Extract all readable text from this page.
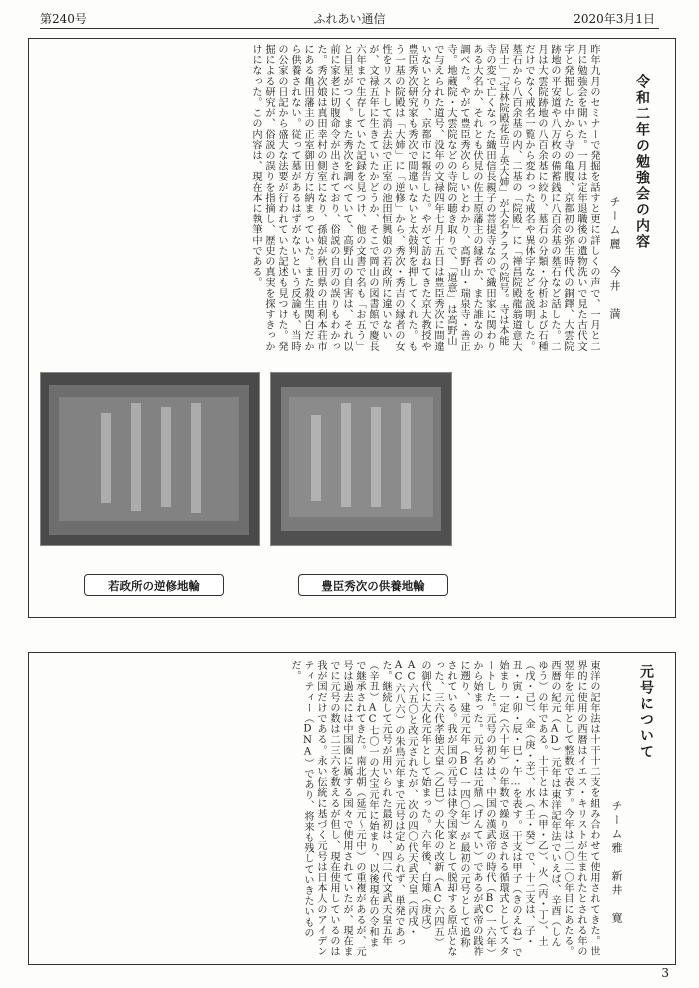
第240号	ふれあい通信	2020年3月1日
令和二年の勉強会の内容
チーム麗　今井　満
昨年九月のセミナーで発掘を話すと更に詳しくの声で、一月と二月に勉強会を開いた。一月は定年退職後の遺物洗いで見た古代文字と発掘した中から寺の亀腹、京都初の弥生時代の銅鐸、大雲院跡地の平安道や八万枚の備蓄銭に八百余基の墓石など話した。二月は大雲院跡地の八百余基に絞り、墓石の分類・分析および石種だけでなく戒名一覧から変わった戒名や異体字などを説明した。墓石から八百余基の内、二基の「院殿」に「禅昌院殿龍翁道意大居士」「宝林院殿花岳了英大姉」が大名クラスの院号。寺は本能寺の変で亡くなった織田信長親子の菩提寺なので織田家に関わりある大名か、それとも伏見の佐土原藩主の縁者か、また誰なのか調べた。やがて豊臣秀次らしいとわかり、高野山・瑞泉寺・善正寺。地蔵院・大雲院などの寺院の聴き取りで、「道意」は高野山で与えられた道号、没年の文禄四年七月十五日は豊臣秀次に間違いないと分り、京都市に報告した。やがて訪ねてきた京大教授や豊臣秀次研究家も秀次で間違いないと太鼓判を押してくれた。もう一基の院殿は「大姉」に「逆修」から、秀次・秀吉の縁者の女性をリストして消去法で正室の池田恒興娘の若政所に違いないが、文禄五年に生きていたかどうか、そこで岡山の図書館で慶長六年まで生存していた記録を見つけ、他の文書で名も「お五う」と目星がつく。また秀次を調べていて、高野山の自害は、それ以前に家老に切腹命令が出されており、俗説の自刃の誤りもわかった。秀次娘は真田幸村の側室になり、孫娘が秋田県の由利本荘市にある亀田藩主の正室御田方に納まっていた。また殺生関白だから供養されない。従って墓があるはずがないという反論も、当時の公家の日記から盛大な法要が行われていた記述も見つけた。発掘による研究が、俗説の誤りを指摘し、歴史の真実を探すきっかけになった。この内容は、現在本に執筆中である。
若政所の逆修地輪	豊臣秀次の供養地輪
元号について
チーム雅　新井　寛
東洋の記年法は十干十二支を組み合わせて使用されてきた。世界的に使用の西暦はイエス・キリストが生まれたとされる年の翌年を元年として整数で表す。今年は二〇二〇年目にあたる。西暦の紀元（AD）元年は東洋記年法でいえば、辛酉（しんゆう）の年である。十干とは木（甲・乙）、火（丙・丁）、土（戊・己）、金（庚・辛）、水（壬・癸）で、十二支は、子・丑・寅・卯・辰・巳・午…を表す。干支は甲子（きのえね）で始まり一定（六十年）の年数で繰り返される循環式としてスタートした。元号の初めは、中国の漢武帝の時代（BC一六年）から始まった。元号名は元鼎（げんてい）であるが武帝の践祚に遡り、建元元年（BC一四〇年）が最初の元号として追称されている。我が国の元号は律令国家として脱却する原点となった、三六代孝徳天皇（乙巳）の大化の改新（AC六四五）の御代に大化元年として始まった。六年後、白雉（庚戌）AC六五〇と改元されたが、次の四〇代天武天皇（丙戌・AC六八六）の朱鳥元年まで元号は定められず、単発であった。継続して元号が用いられた最初は、四二代文武天皇五年（辛丑）AC七〇一の大宝元年に始まり、以後現在の令和まで継承されてきた。南北朝（延元〜元中）の重複があるが、元号は過去には中国圏に属する国々で使用されていたが、現在までに元号の数は二三六を数えるが但し、現在使用しているのは我が国だけである。永い伝統に基づく元号は日本人のアイデンティティー（DNA）であり、将来も残していきたいものだ。
3
